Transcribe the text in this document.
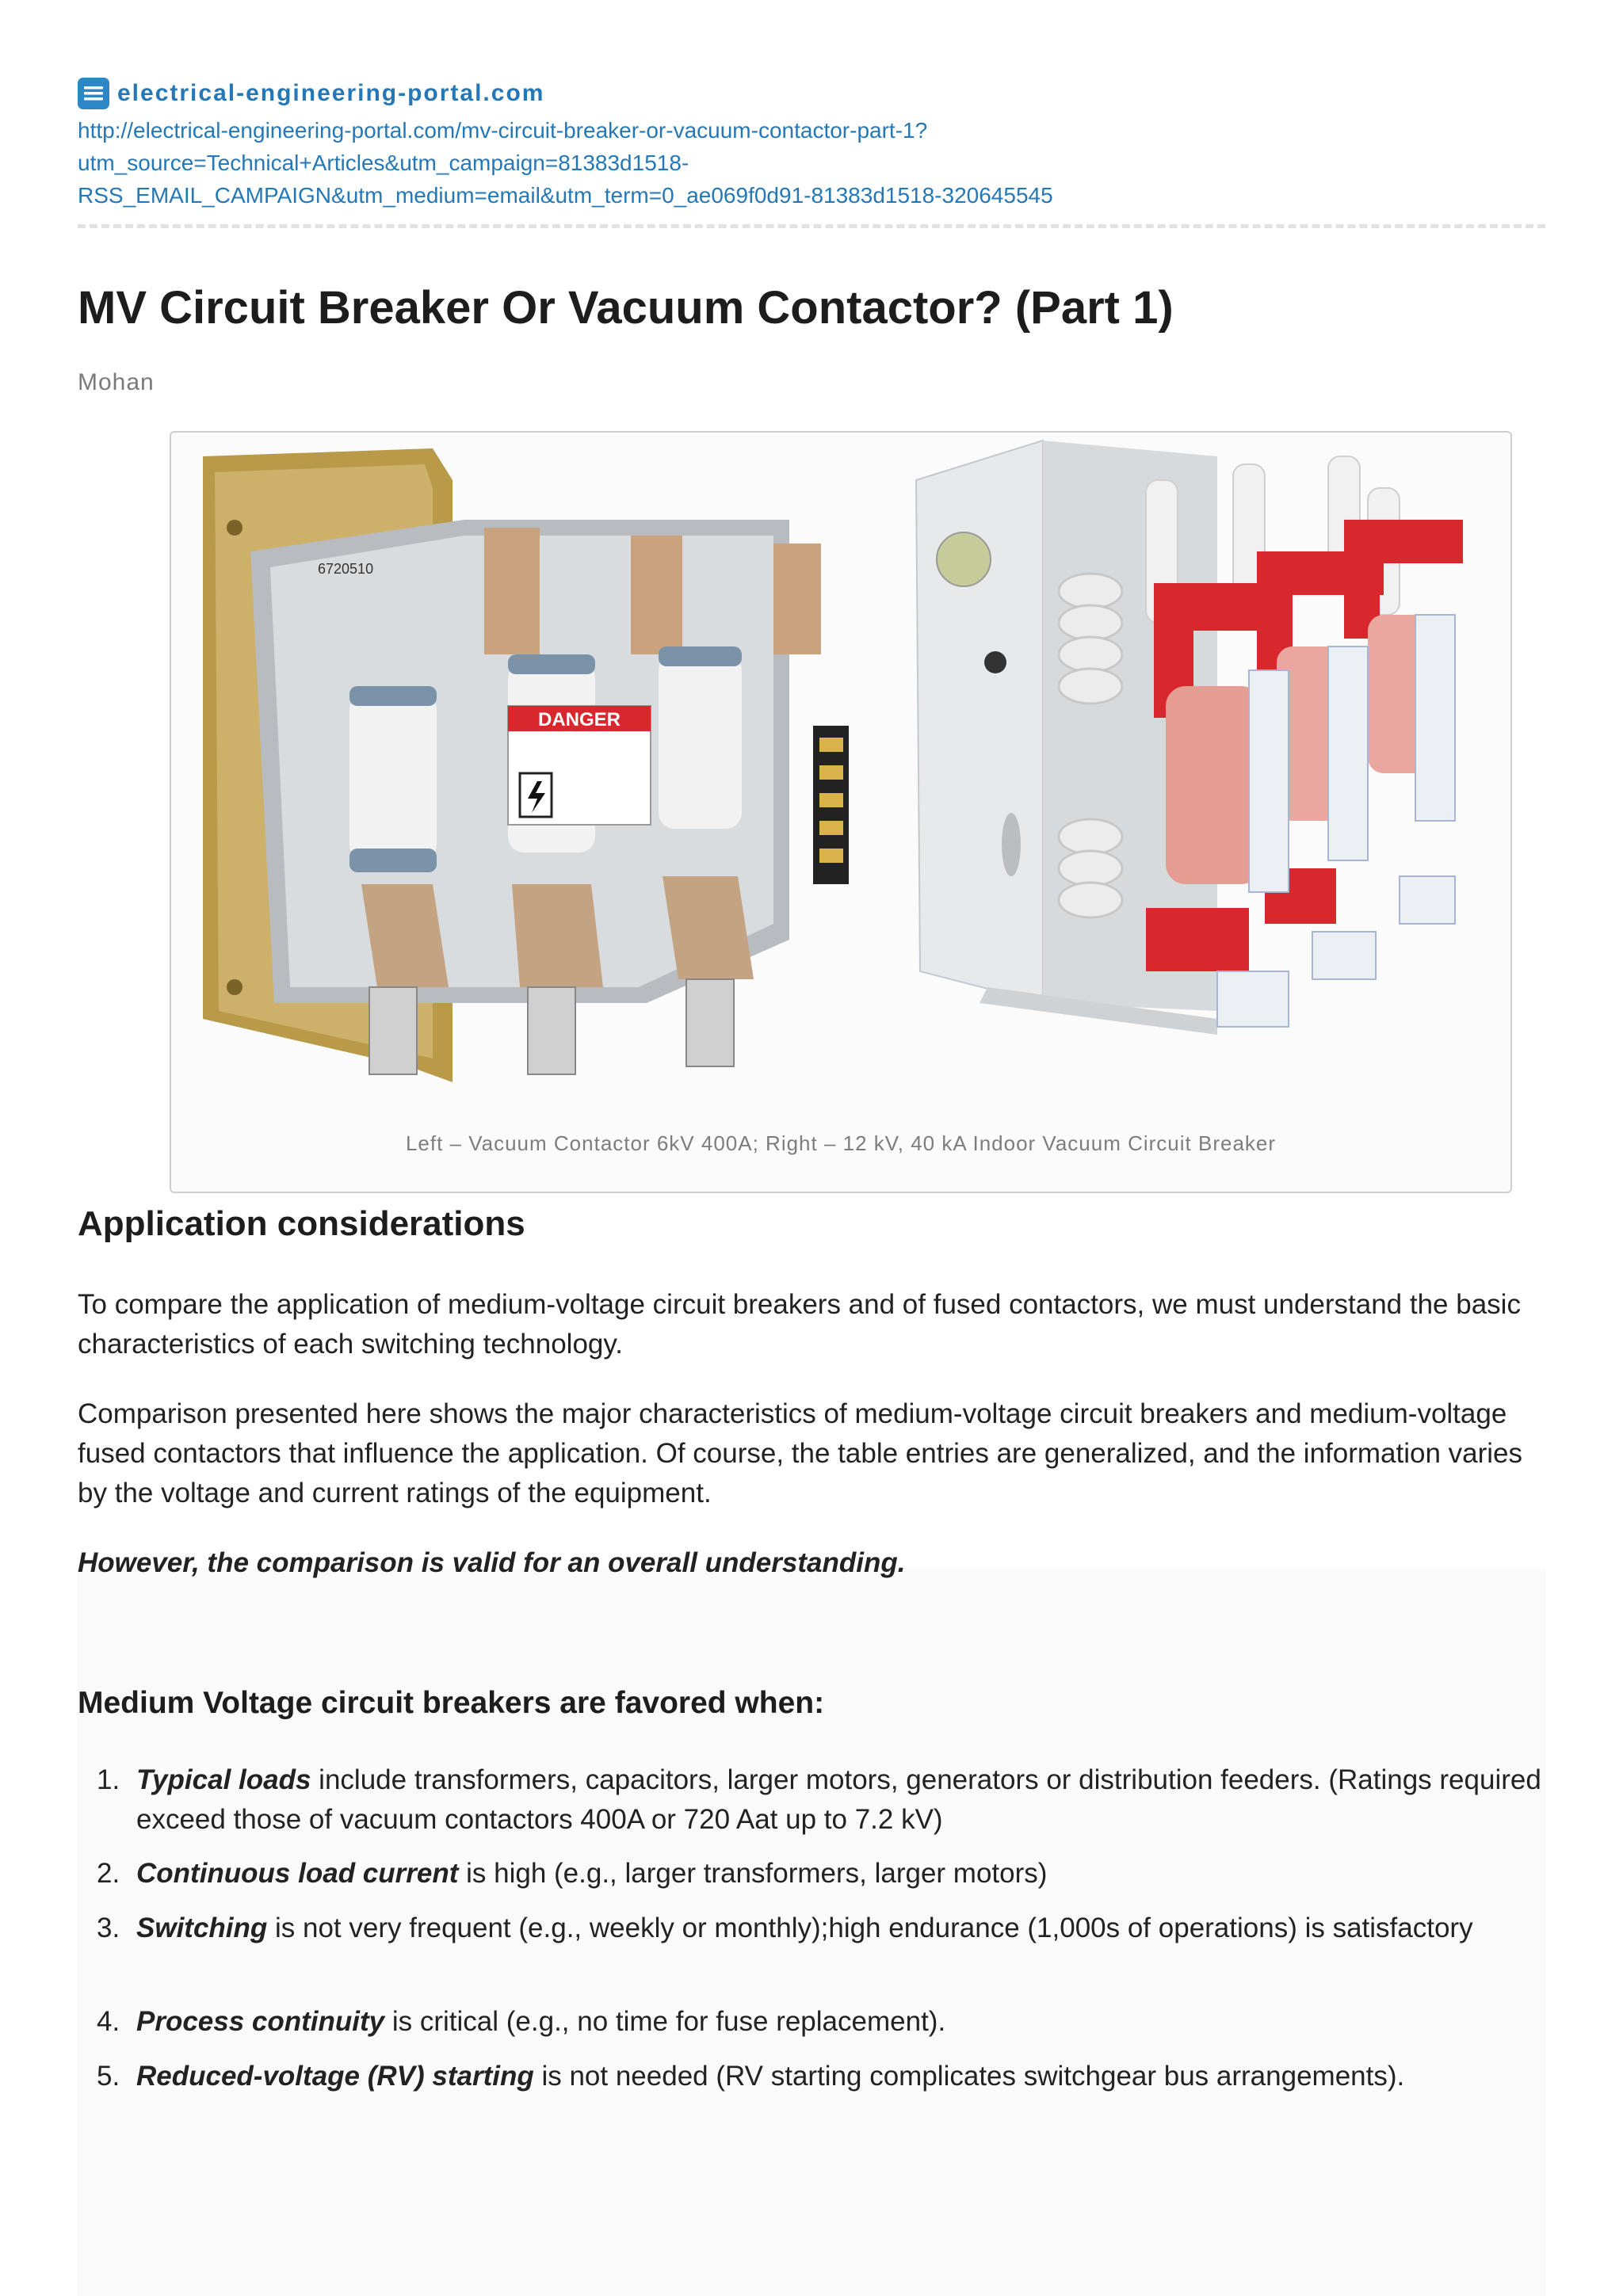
electrical-engineering-portal.com
http://electrical-engineering-portal.com/mv-circuit-breaker-or-vacuum-contactor-part-1?
utm_source=Technical+Articles&utm_campaign=81383d1518-
RSS_EMAIL_CAMPAIGN&utm_medium=email&utm_term=0_ae069f0d91-81383d1518-320645545
MV Circuit Breaker Or Vacuum Contactor? (Part 1)
Mohan
DANGER
6720510
Left – Vacuum Contactor 6kV 400A; Right – 12 kV, 40 kA Indoor Vacuum Circuit Breaker
Application considerations

To compare the application of medium-voltage circuit breakers and of fused contactors, we must understand the basic characteristics of each switching technology.

Comparison presented here shows the major characteristics of medium-voltage circuit breakers and medium-voltage fused contactors that influence the application. Of course, the table entries are generalized, and the information varies by the voltage and current ratings of the equipment.

However, the comparison is valid for an overall understanding.

Medium Voltage circuit breakers are favored when:
1. Typical loads include transformers, capacitors, larger motors, generators or distribution feeders. (Ratings required exceed those of vacuum contactors 400A or 720 Aat up to 7.2 kV)
2. Continuous load current is high (e.g., larger transformers, larger motors)
3. Switching is not very frequent (e.g., weekly or monthly);high endurance (1,000s of operations) is satisfactory
4. Process continuity is critical (e.g., no time for fuse replacement).
5. Reduced-voltage (RV) starting is not needed (RV starting complicates switchgear bus arrangements).
